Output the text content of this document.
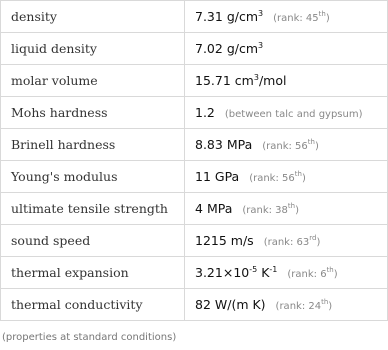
density	7.31 $g/cm^3$ (rank: 45th)
liquid density	7.02 $g/cm^3$
molar volume	15.71 $cm^3$/mol
Mohs hardness	1.2 (between talc and gypsum)
Brinell hardness	8.83 MPa (rank: 56th)
Young's modulus	11 GPa (rank: 56th)
ultimate tensile strength	4 MPa (rank: 38th)
sound speed	1215 m/s (rank: 63rd)
thermal expansion	$3.21\times 10^{-5}$ $K^{-1}$ (rank: 6th)
thermal conductivity	82 W/(m K) (rank: 24th)
(properties at standard conditions)
